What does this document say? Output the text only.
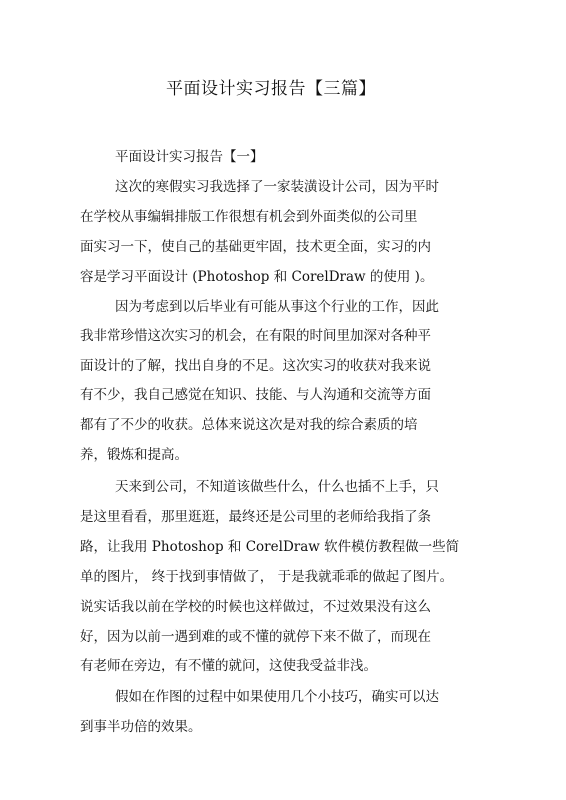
平面设计实习报告【三篇】
平面设计实习报告【一】
这次的寒假实习我选择了一家装潢设计公司，因为平时
在学校从事编辑排版工作很想有机会到外面类似的公司里
面实习一下，使自己的基础更牢固，技术更全面，实习的内
容是学习平面设计 (Photoshop 和 CorelDraw 的使用 )。
因为考虑到以后毕业有可能从事这个行业的工作，因此
我非常珍惜这次实习的机会，在有限的时间里加深对各种平
面设计的了解，找出自身的不足。这次实习的收获对我来说
有不少，我自己感觉在知识、技能、与人沟通和交流等方面
都有了不少的收获。总体来说这次是对我的综合素质的培
养，锻炼和提高。
天来到公司，不知道该做些什么，什么也插不上手，只
是这里看看，那里逛逛，最终还是公司里的老师给我指了条
路，让我用 Photoshop 和 CorelDraw 软件模仿教程做一些简
单的图片， 终于找到事情做了， 于是我就乖乖的做起了图片。
说实话我以前在学校的时候也这样做过，不过效果没有这么
好，因为以前一遇到难的或不懂的就停下来不做了，而现在
有老师在旁边，有不懂的就问，这使我受益非浅。
假如在作图的过程中如果使用几个小技巧，确实可以达
到事半功倍的效果。
